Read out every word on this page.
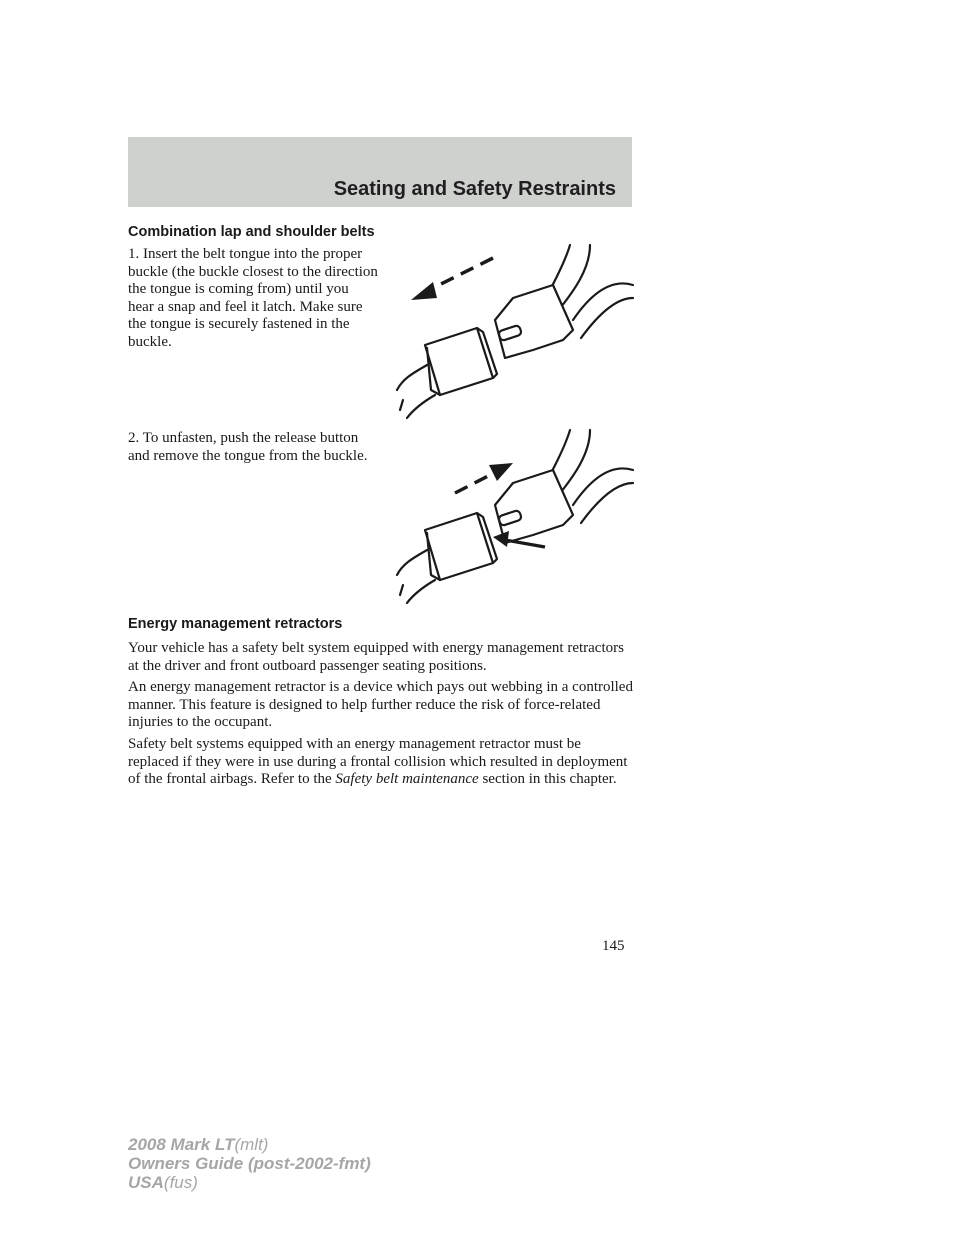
Seating and Safety Restraints
Combination lap and shoulder belts

1. Insert the belt tongue into the proper buckle (the buckle closest to the direction the tongue is coming from) until you hear a snap and feel it latch. Make sure the tongue is securely fastened in the buckle.

2. To unfasten, push the release button and remove the tongue from the buckle.

Energy management retractors

Your vehicle has a safety belt system equipped with energy management retractors at the driver and front outboard passenger seating positions.

An energy management retractor is a device which pays out webbing in a controlled manner. This feature is designed to help further reduce the risk of force-related injuries to the occupant.

Safety belt systems equipped with an energy management retractor must be replaced if they were in use during a frontal collision which resulted in deployment of the frontal airbags. Refer to the Safety belt maintenance section in this chapter.

145
2008 Mark LT(mlt)
Owners Guide (post-2002-fmt)
USA(fus)
